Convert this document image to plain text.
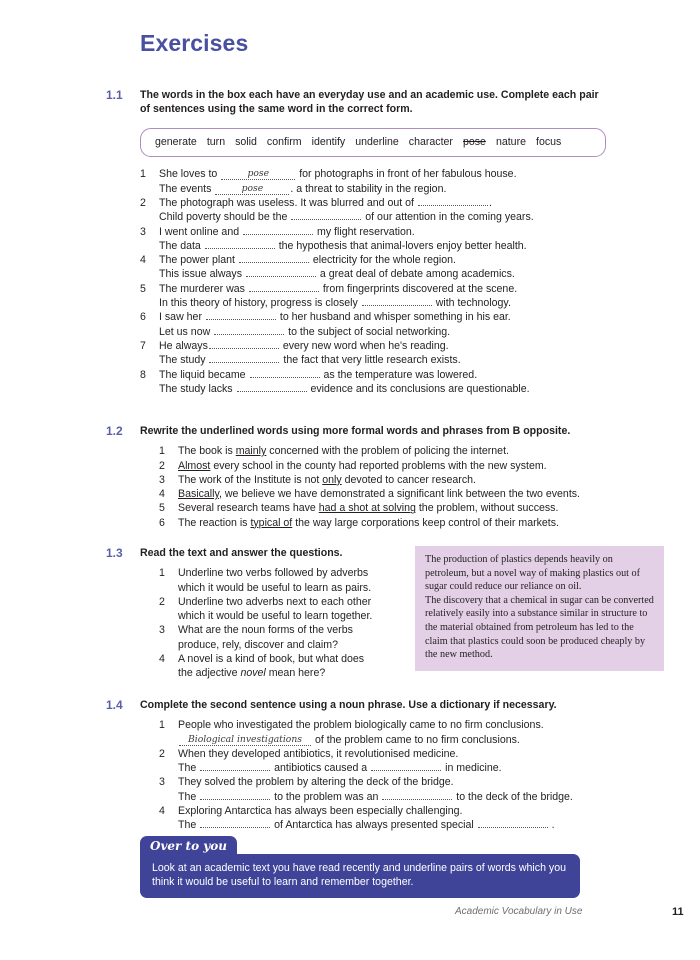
Exercises
1.1	The words in the box each have an everyday use and an academic use. Complete each pair of sentences using the same word in the correct form.

generate turn solid confirm identify underline character pose nature focus
1	She loves to	pose	for photographs in front of her fabulous house.
The events	pose	. a threat to stability in the region.
2	The photograph was useless. It was blurred and out of	.
Child poverty should be the	of our attention in the coming years.
3	I went online and	my flight reservation.
The data	the hypothesis that animal-lovers enjoy better health.
4	The power plant	electricity for the whole region.
This issue always	a great deal of debate among academics.
5	The murderer was	from fingerprints discovered at the scene.
In this theory of history, progress is closely	with technology.
6	I saw her	to her husband and whisper something in his ear.
Let us now	to the subject of social networking.
7	He always	every new word when he's reading.
The study	the fact that very little research exists.
8	The liquid became	as the temperature was lowered.
The study lacks	evidence and its conclusions are questionable.
1.2	Rewrite the underlined words using more formal words and phrases from B opposite.

1	The book is mainly concerned with the problem of policing the internet.
2	Almost every school in the county had reported problems with the new system.
3	The work of the Institute is not only devoted to cancer research.
4	Basically, we believe we have demonstrated a significant link between the two events.
5	Several research teams have had a shot at solving the problem, without success.
6	The reaction is typical of the way large corporations keep control of their markets.
1.3	Read the text and answer the questions.

1	Underline two verbs followed by adverbs
which it would be useful to learn as pairs.
2	Underline two adverbs next to each other
which it would be useful to learn together.
3	What are the noun forms of the verbs
produce, rely, discover and claim?
4	A novel is a kind of book, but what does
the adjective novel mean here?

The production of plastics depends heavily on petroleum, but a novel way of making plastics out of sugar could reduce our reliance on oil.

The discovery that a chemical in sugar can be converted relatively easily into a substance similar in structure to the material obtained from petroleum has led to the claim that plastics could soon be produced cheaply by the new method.

1.4	Complete the second sentence using a noun phrase. Use a dictionary if necessary.

1	People who investigated the problem biologically came to no firm conclusions.
Biological investigations of the problem came to no firm conclusions.
2	When they developed antibiotics, it revolutionised medicine.
The	antibiotics caused a	in medicine.
3	They solved the problem by altering the deck of the bridge.
The	to the problem was an	to the deck of the bridge.
4	Exploring Antarctica has always been especially challenging.
The	of Antarctica has always presented special	.
Over to you
Look at an academic text you have read recently and underline pairs of words which you think it would be useful to learn and remember together.
Academic Vocabulary in Use	11
